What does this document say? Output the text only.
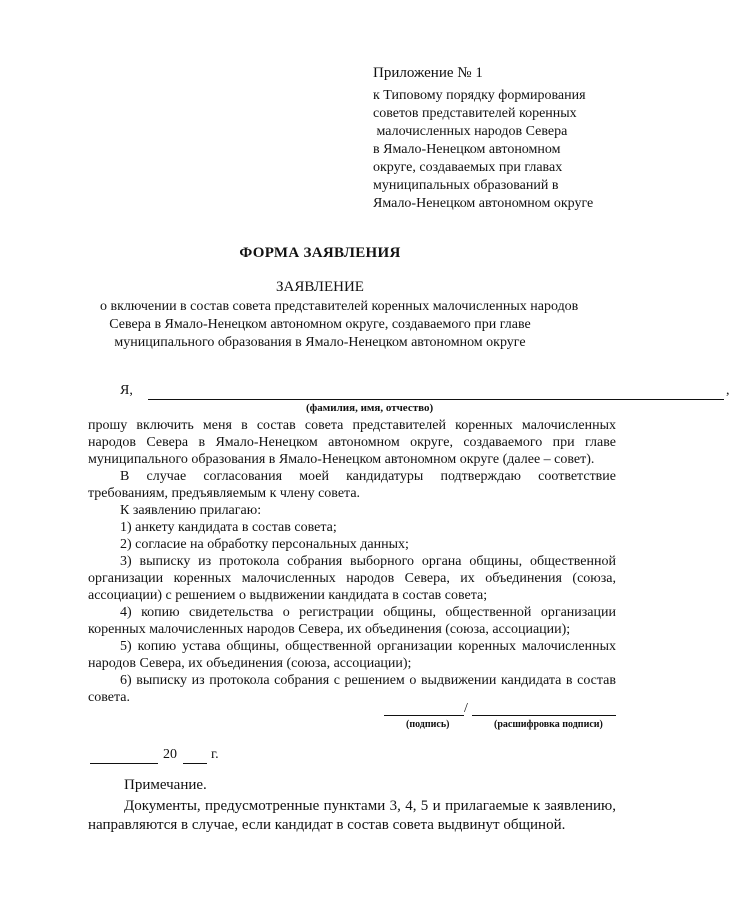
Приложение № 1
к Типовому порядку формирования
советов представителей коренных
малочисленных народов Севера
в Ямало-Ненецком автономном
округе, создаваемых при главах
муниципальных образований в
Ямало-Ненецком автономном округе
ФОРМА ЗАЯВЛЕНИЯ
ЗАЯВЛЕНИЕ
о включении в состав совета представителей коренных малочисленных народов
Севера в Ямало-Ненецком автономном округе, создаваемого при главе
муниципального образования в Ямало-Ненецком автономном округе
Я,	,
(фамилия, имя, отчество)

прошу включить меня в состав совета представителей коренных малочисленных народов Севера в Ямало-Ненецком автономном округе, создаваемого при главе муниципального образования в Ямало-Ненецком автономном округе (далее – совет).

В случае согласования моей кандидатуры подтверждаю соответствие требованиям, предъявляемым к члену совета.

К заявлению прилагаю:

1) анкету кандидата в состав совета;

2) согласие на обработку персональных данных;

3) выписку из протокола собрания выборного органа общины, общественной организации коренных малочисленных народов Севера, их объединения (союза, ассоциации) с решением о выдвижении кандидата в состав совета;

4) копию свидетельства о регистрации общины, общественной организации коренных малочисленных народов Севера, их объединения (союза, ассоциации);

5) копию устава общины, общественной организации коренных малочисленных народов Севера, их объединения (союза, ассоциации);

6) выписку из протокола собрания с решением о выдвижении кандидата в состав совета.

/
(подпись)	(расшифровка подписи)
20 г.
Примечание.
Документы, предусмотренные пунктами 3, 4, 5 и прилагаемые к заявлению, направляются в случае, если кандидат в состав совета выдвинут общиной.
